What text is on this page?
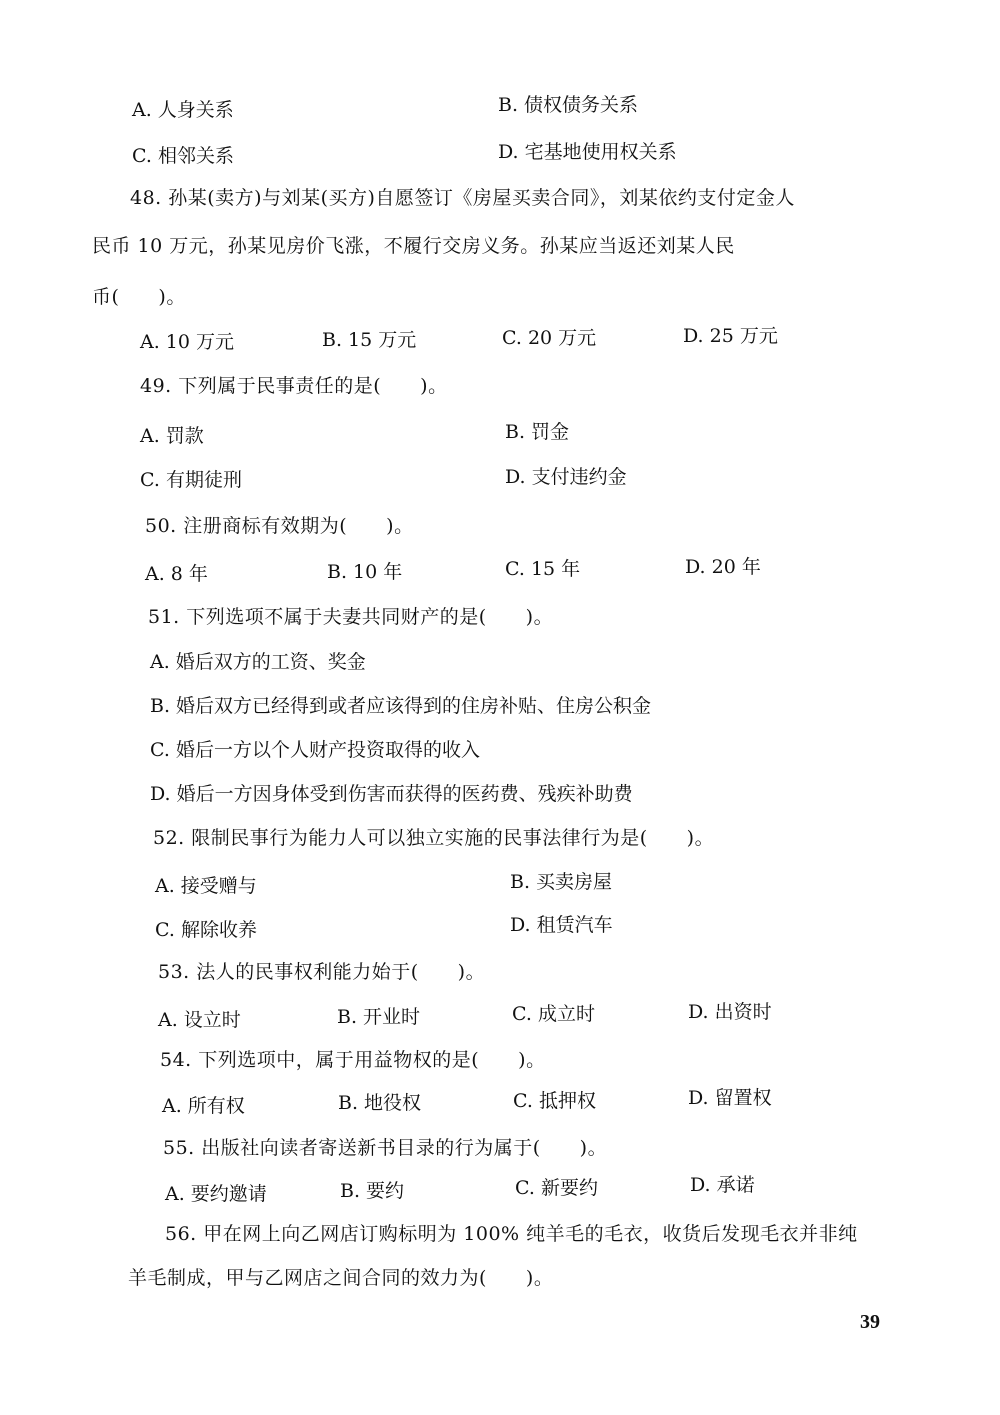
A. 人身关系	B. 债权债务关系
C. 相邻关系	D. 宅基地使用权关系
48. 孙某(卖方)与刘某(买方)自愿签订《房屋买卖合同》，刘某依约支付定金人
民币 10 万元，孙某见房价飞涨，不履行交房义务。孙某应当返还刘某人民
币(　　)。
A. 10 万元	B. 15 万元	C. 20 万元	D. 25 万元
49. 下列属于民事责任的是(　　)。
A. 罚款	B. 罚金
C. 有期徒刑	D. 支付违约金
50. 注册商标有效期为(　　)。
A. 8 年	B. 10 年	C. 15 年	D. 20 年
51. 下列选项不属于夫妻共同财产的是(　　)。
A. 婚后双方的工资、奖金
B. 婚后双方已经得到或者应该得到的住房补贴、住房公积金
C. 婚后一方以个人财产投资取得的收入
D. 婚后一方因身体受到伤害而获得的医药费、残疾补助费
52. 限制民事行为能力人可以独立实施的民事法律行为是(　　)。
A. 接受赠与	B. 买卖房屋
C. 解除收养	D. 租赁汽车
53. 法人的民事权利能力始于(　　)。
A. 设立时	B. 开业时	C. 成立时	D. 出资时
54. 下列选项中，属于用益物权的是(　　)。
A. 所有权	B. 地役权	C. 抵押权	D. 留置权
55. 出版社向读者寄送新书目录的行为属于(　　)。
A. 要约邀请	B. 要约	C. 新要约	D. 承诺
56. 甲在网上向乙网店订购标明为 100% 纯羊毛的毛衣，收货后发现毛衣并非纯
羊毛制成，甲与乙网店之间合同的效力为(　　)。
39
